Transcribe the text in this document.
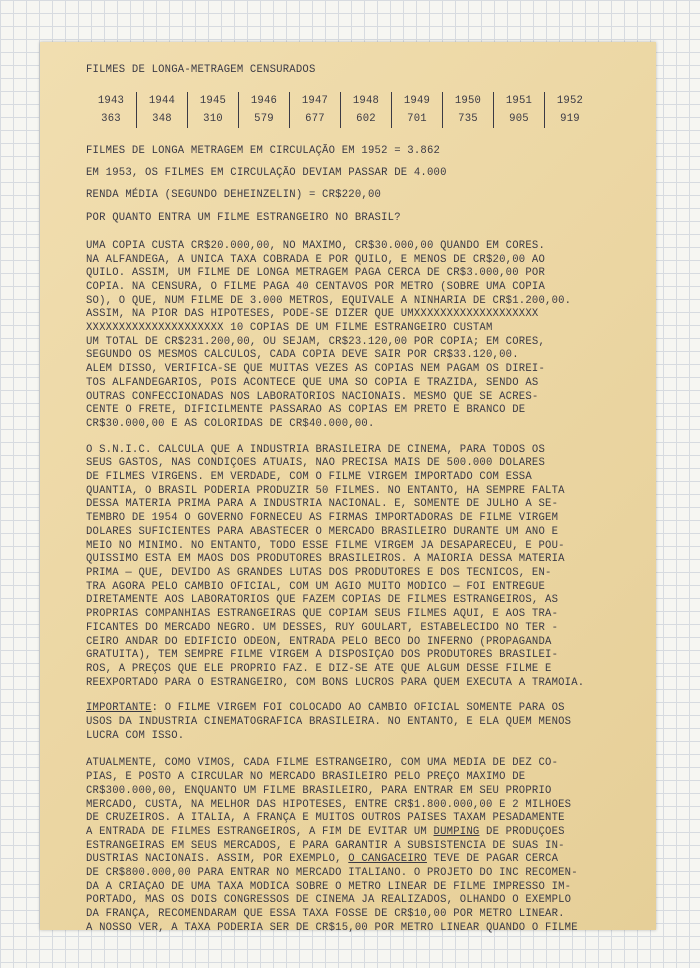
FILMES DE LONGA-METRAGEM CENSURADOS
1943
363
1944
348
1945
310
1946
579
1947
677
1948
602
1949
701
1950
735
1951
905
1952
919
FILMES DE LONGA METRAGEM EM CIRCULAÇÃO EM 1952 = 3.862
EM 1953, OS FILMES EM CIRCULAÇÃO DEVIAM PASSAR DE 4.000
RENDA MÉDIA (SEGUNDO DEHEINZELIN) = CR$220,00
POR QUANTO ENTRA UM FILME ESTRANGEIRO NO BRASIL?
UMA CÓPIA CUSTA CR$20.000,00, NO MÁXIMO, CR$30.000,00 QUANDO EM CÔRES.
NA ALFÂNDEGA, A ÚNICA TAXA COBRADA É POR QUILO, E MENOS DE CR$20,00 AO
QUILO. ASSIM, UM FILME DE LONGA METRAGEM PAGA CÊRCA DE CR$3.000,00 POR
CÓPIA. NA CENSURA, O FILME PAGA 40 CENTAVOS POR METRO (SÔBRE UMA CÓPIA
SÓ), O QUE, NUM FILME DE 3.000 METROS, EQUIVALE À NINHARIA DE CR$1.200,00.
ASSIM, NA PIOR DAS HIPÓTESES, PODE-SE DIZER QUE UMXXXXXXXXXXXXXXXXXXX
XXXXXXXXXXXXXXXXXXXXX 10 CÓPIAS DE UM FILME ESTRANGEIRO CUSTAM
UM TOTAL DE CR$231.200,00, OU SEJAM, CR$23.120,00 POR CÓPIA; EM CÔRES,
SEGUNDO OS MESMOS CÁLCULOS, CADA CÓPIA DEVE SAIR POR CR$33.120,00.
ALÉM DISSO, VERIFICA-SE QUE MUITAS VÊZES AS CÓPIAS NEM PAGAM OS DIREI-
TOS ALFANDEGÁRIOS, POIS ACONTECE QUE UMA SÓ CÓPIA É TRAZIDA, SENDO AS
OUTRAS CONFECCIONADAS NOS LABORATÓRIOS NACIONAIS. MESMO QUE SE ACRES-
CENTE O FRETE, DIFICILMENTE PASSARÃO AS CÓPIAS EM PRETO E BRANCO DE
CR$30.000,00 E AS COLORIDAS DE CR$40.000,00.
O S.N.I.C. CALCULA QUE A INDÚSTRIA BRASILEIRA DE CINEMA, PARA TODOS OS
SEUS GASTOS, NAS CONDIÇÕES ATUAIS, NÃO PRECISA MAIS DE 500.000 DÓLARES
DE FILMES VIRGENS. EM VERDADE, COM O FILME VIRGEM IMPORTADO COM ESSA
QUANTIA, O BRASIL PODERIA PRODUZIR 50 FILMES. NO ENTANTO, HÁ SEMPRE FALTA
DESSA MATÉRIA PRIMA PARA A INDÚSTRIA NACIONAL. E, SÔMENTE DE JULHO A SE-
TEMBRO DE 1954 O GOVÊRNO FORNECEU ÀS FIRMAS IMPORTADORAS DE FILME VIRGEM
DÓLARES SUFICIENTES PARA ABASTECER O MERCADO BRASILEIRO DURANTE UM ANO E
MEIO NO MÍNIMO. NO ENTANTO, TODO ÊSSE FILME VIRGEM JÁ DESAPARECEU, E POU-
QUÍSSIMO ESTÁ EM MÃOS DOS PRODUTORES BRASILEIROS. A MAIORIA DESSA MATÉRIA
PRIMA — QUE, DEVIDO ÀS GRANDES LUTAS DOS PRODUTORES E DOS TÉCNICOS, EN-
TRA AGORA PELO CÂMBIO OFICIAL, COM UM ÁGIO MUITO MÓDICO — FOI ENTREGUE
DIRETAMENTE AOS LABORATÓRIOS QUE FAZEM CÓPIAS DE FILMES ESTRANGEIROS, ÀS
PRÓPRIAS COMPANHIAS ESTRANGEIRAS QUE COPIAM SEUS FILMES AQUI, E AOS TRA-
FICANTES DO MERCADO NEGRO. UM DÊSSES, RUY GOULART, ESTABELECIDO NO TER -
CEIRO ANDAR DO EDIFÍCIO ODEON, ENTRADA PELO BÊCO DO INFERNO (PROPAGANDA
GRATUITA), TEM SEMPRE FILME VIRGEM À DISPOSIÇÃO DOS PRODUTORES BRASILEI-
ROS, A PREÇOS QUE ÊLE PRÓPRIO FAZ. E DIZ-SE ATÉ QUE ALGUM DÊSSE FILME É
REEXPORTADO PARA O ESTRANGEIRO, COM BONS LUCROS PARA QUEM EXECUTA A TRAMOIA.
IMPORTANTE: O FILME VIRGEM FOI COLOCADO AO CÂMBIO OFICIAL SÔMENTE PARA OS
USOS DA INDÚSTRIA CINEMATOGRÁFICA BRASILEIRA. NO ENTANTO, É ELA QUEM MENOS
LUCRA COM ISSO.
ATUALMENTE, COMO VIMOS, CADA FILME ESTRANGEIRO, COM UMA MÉDIA DE DEZ CÓ-
PIAS, É PÔSTO A CIRCULAR NO MERCADO BRASILEIRO PELO PREÇO MÁXIMO DE
CR$300.000,00, ENQUANTO UM FILME BRASILEIRO, PARA ENTRAR EM SEU PRÓPRIO
MERCADO, CUSTA, NA MELHOR DAS HIPÓTESES, ENTRE CR$1.800.000,00 E 2 MILHÕES
DE CRUZEIROS. A ITÁLIA, A FRANÇA E MUITOS OUTROS PAÍSES TAXAM PESADAMENTE
A ENTRADA DE FILMES ESTRANGEIROS, A FIM DE EVITAR UM DUMPING DE PRODUÇÕES
ESTRANGEIRAS EM SEUS MERCADOS, E PARA GARANTIR A SUBSISTÊNCIA DE SUAS IN-
DÚSTRIAS NACIONAIS. ASSIM, POR EXEMPLO, O CANGACEIRO TEVE DE PAGAR CÊRCA
DE CR$800.000,00 PARA ENTRAR NO MERCADO ITALIANO. O PROJETO DO INC RECOMEN-
DA A CRIAÇÃO DE UMA TAXA MÓDICA SÔBRE O METRO LINEAR DE FILME IMPRESSO IM-
PORTADO, MAS OS DOIS CONGRESSOS DE CINEMA JÁ REALIZADOS, OLHANDO O EXEMPLO
DA FRANÇA, RECOMENDARAM QUE ESSA TAXA FÔSSE DE CR$10,00 POR METRO LINEAR.
A NOSSO VER, A TAXA PODERIA SER DE CR$15,00 POR METRO LINEAR QUANDO O FILME
